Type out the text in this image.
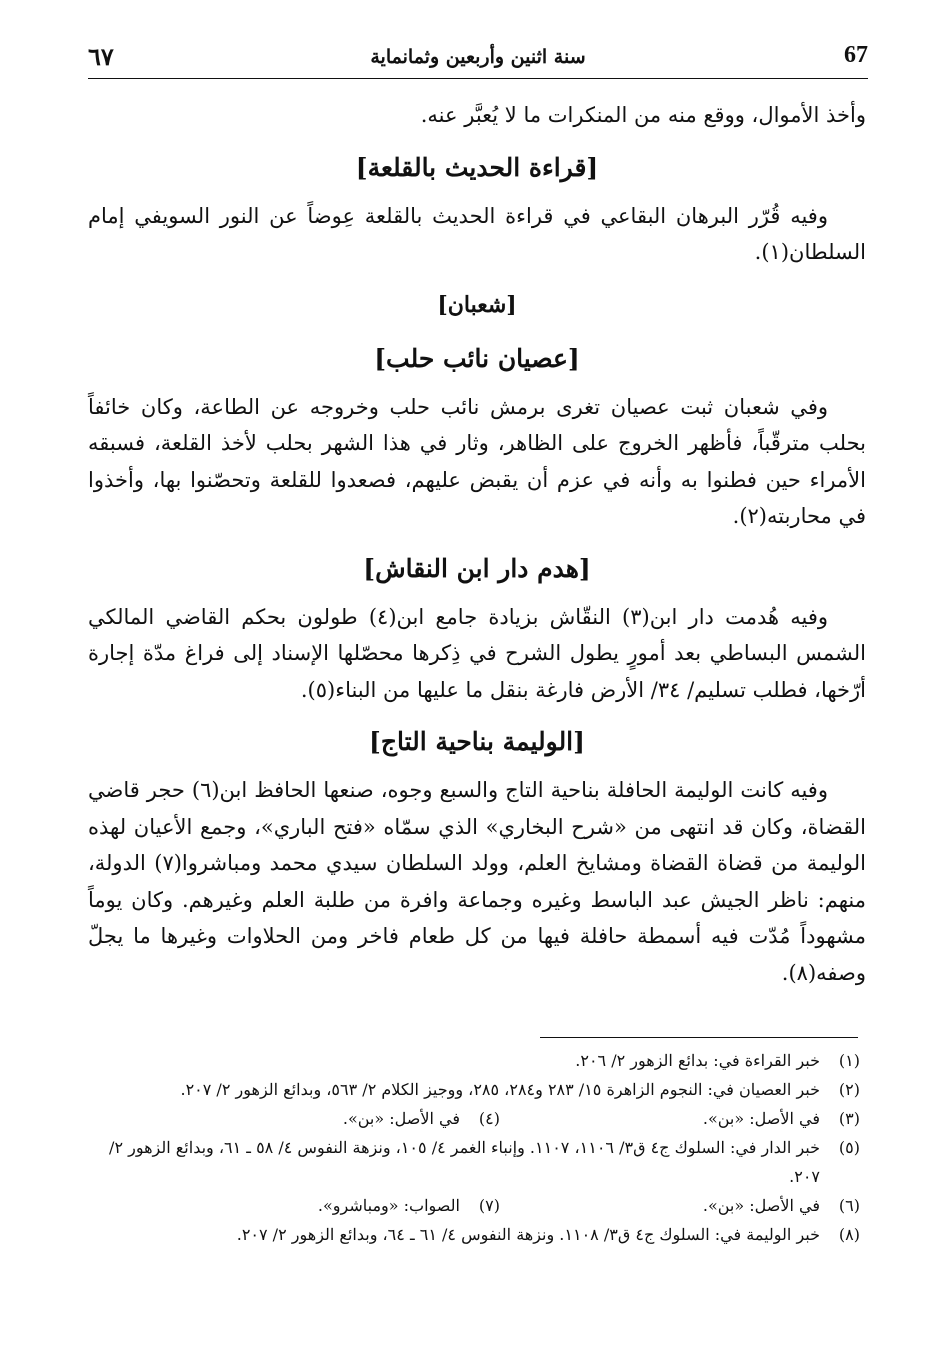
٦٧	سنة اثنين وأربعين وثمانماية	67

وأخذ الأموال، ووقع منه من المنكرات ما لا يُعبَّر عنه.

[قراءة الحديث بالقلعة]

وفيه قُرّر البرهان البقاعي في قراءة الحديث بالقلعة عِوضاً عن النور السويفي إمام السلطان(١).

[شعبان]
[عصيان نائب حلب]

وفي شعبان ثبت عصيان تغرى برمش نائب حلب وخروجه عن الطاعة، وكان خائفاً بحلب مترقّباً، فأظهر الخروج على الظاهر، وثار في هذا الشهر بحلب لأخذ القلعة، فسبقه الأمراء حين فطنوا به وأنه في عزم أن يقبض عليهم، فصعدوا للقلعة وتحصّنوا بها، وأخذوا في محاربته(٢).

[هدم دار ابن النقاش]

وفيه هُدمت دار ابن(٣) النقّاش بزيادة جامع ابن(٤) طولون بحكم القاضي المالكي الشمس البساطي بعد أمورٍ يطول الشرح في ذِكرها محصّلها الإسناد إلى فراغ مدّة إجارة أرّخها، فطلب تسليم/ ٣٤/ الأرض فارغة بنقل ما عليها من البناء(٥).

[الوليمة بناحية التاج]

وفيه كانت الوليمة الحافلة بناحية التاج والسبع وجوه، صنعها الحافظ ابن(٦) حجر قاضي القضاة، وكان قد انتهى من «شرح البخاري» الذي سمّاه «فتح الباري»، وجمع الأعيان لهذه الوليمة من قضاة القضاة ومشايخ العلم، وولد السلطان سيدي محمد ومباشروا(٧) الدولة، منهم: ناظر الجيش عبد الباسط وغيره وجماعة وافرة من طلبة العلم وغيرهم. وكان يوماً مشهوداً مُدّت فيه أسمطة حافلة فيها من كل طعام فاخر ومن الحلاوات وغيرها ما يجلّ وصفه(٨).

(١)
خبر القراءة في: بدائع الزهور ٢/ ٢٠٦.
(٢)
خبر العصيان في: النجوم الزاهرة ١٥/ ٢٨٣ و٢٨٤، ٢٨٥، ووجيز الكلام ٢/ ٥٦٣، وبدائع الزهور ٢/ ٢٠٧.
(٣)
في الأصل: «بن».
(٤)
في الأصل: «بن».
(٥)
خبر الدار في: السلوك ج٤ ق٣/ ١١٠٦، ١١٠٧. وإنباء الغمر ٤/ ١٠٥، ونزهة النفوس ٤/ ٥٨ ـ ٦١، وبدائع الزهور ٢/ ٢٠٧.
(٦)
في الأصل: «بن».
(٧)
الصواب: «ومباشرو».
(٨)
خبر الوليمة في: السلوك ج٤ ق٣/ ١١٠٨. ونزهة النفوس ٤/ ٦١ ـ ٦٤، وبدائع الزهور ٢/ ٢٠٧.
